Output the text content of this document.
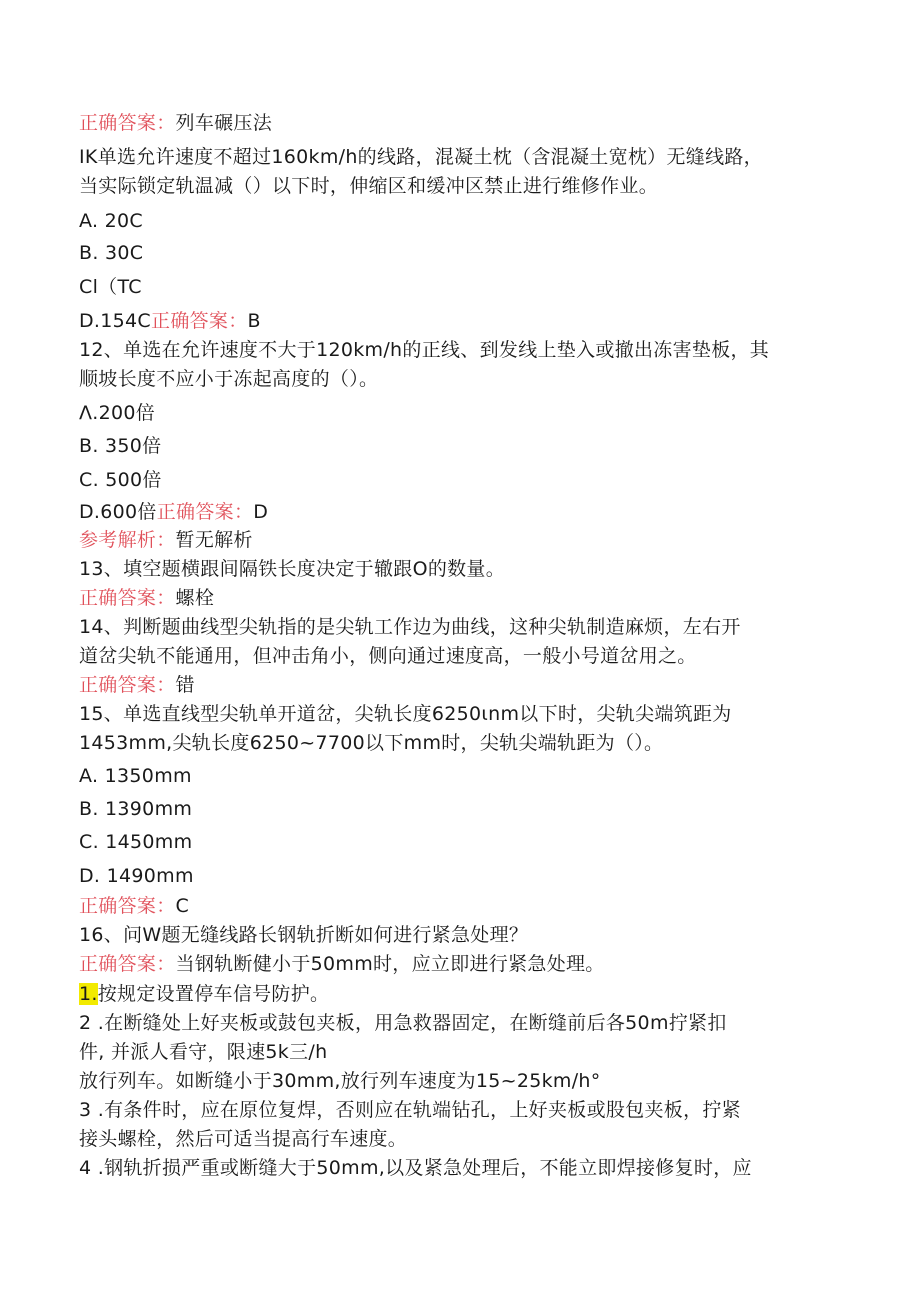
正确答案：列车碾压法
IK单选允许速度不超过160km∕h的线路，混凝土枕（含混凝土宽枕）无缝线路，
当实际锁定轨温减（）以下时，伸缩区和缓冲区禁止进行维修作业。
A. 20C
B. 30C
Cl（TC
D.154C正确答案：B
12、单选在允许速度不大于120km∕h的正线、到发线上垫入或撤出冻害垫板，其
顺坡长度不应小于冻起高度的（）。
Λ.200倍
B. 350倍
C. 500倍
D.600倍正确答案：D
参考解析：暂无解析
13、填空题横跟间隔铁长度决定于辙跟O的数量。
正确答案：螺栓
14、判断题曲线型尖轨指的是尖轨工作边为曲线，这种尖轨制造麻烦，左右开
道岔尖轨不能通用，但冲击角小，侧向通过速度高，一般小号道岔用之。
正确答案：错
15、单选直线型尖轨单开道岔，尖轨长度6250ιnm以下时，尖轨尖端筑距为
1453mm,尖轨长度6250~7700以下mm时，尖轨尖端轨距为（）。
A. 1350mm
B. 1390mm
C. 1450mm
D. 1490mm
正确答案：C
16、问W题无缝线路长钢轨折断如何进行紧急处理？
正确答案：当钢轨断健小于50mm时，应立即进行紧急处理。
1.按规定设置停车信号防护。
2 .在断缝处上好夹板或鼓包夹板，用急救器固定，在断缝前后各50m拧紧扣
件, 并派人看守，限速5k三/h
放行列车。如断缝小于30mm,放行列车速度为15~25km∕h°
3 .有条件时，应在原位复焊，否则应在轨端钻孔，上好夹板或股包夹板，拧紧
接头螺栓，然后可适当提高行车速度。
4 .钢轨折损严重或断缝大于50mm,以及紧急处理后，不能立即焊接修复时，应
